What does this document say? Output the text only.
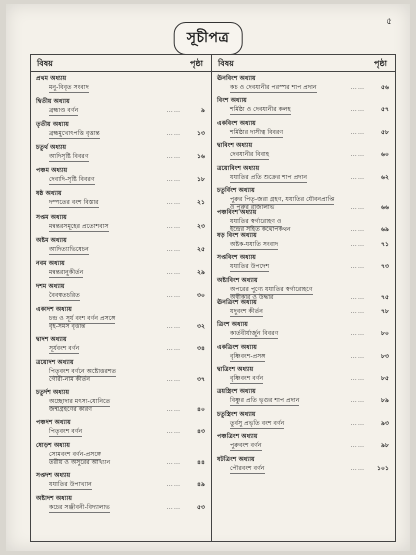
৫
সূচীপত্র
বিষয়	পৃষ্ঠা
প্রথম অধ্যায়
মনু-বিবৃত সংবাদ
দ্বিতীয় অধ্যায়
ব্রহ্মাণ্ড বর্ণন	……	৯
তৃতীয় অধ্যায়
ব্রহ্মমুখোৎপত্তি বৃত্তান্ত	……	১৩
চতুর্থ অধ্যায়
আদিসৃষ্টি বিবরণ	……	১৬
পঞ্চম অধ্যায়
দেবাদি-সৃষ্টি বিবরণ	……	১৮
ষষ্ঠ অধ্যায়
দম্পতের বংশ বিস্তার	……	২১
সপ্তম অধ্যায়
মন্বন্তরসমূহের প্রতোশবাস	……	২৩
অষ্টম অধ্যায়
আদিত্যাভিষেচন	……	২৫
নবম অধ্যায়
মন্বন্তরানুকীর্তন	……	২৯
দশম অধ্যায়
বৈবস্বতচরিত	……	৩০
একাদশ অধ্যায়
চন্দ্র ও সূর্য বংশ বর্ণন প্রসঙ্গে
বৃহ-সমস বৃত্তান্ত	……	৩২
দ্বাদশ অধ্যায়
সূর্যবংশ বর্ণন	……	৩৪
ত্রয়োদশ অধ্যায়
পিতৃবংশ বর্ণনে অষ্টোত্তরশত
গৌরী-নাম কীর্তন	……	৩৭
চতুর্দশ অধ্যায়
অচ্ছোদার মৎস্য-যোনিতে
জন্মগ্রহণের কারণ	……	৪০
পঞ্চদশ অধ্যায়
পিতৃবংশ বর্ণন	……	৪৩
ষোড়শ অধ্যায়
সোমবংশ বর্ণন-প্রসঙ্গে
তরীয় ও অসুরের আখ্যান	……	৪৪
সপ্তদশ অধ্যায়
যযাতির উপাখ্যান	……	৪৯
অষ্টাদশ অধ্যায়
কচের সঞ্জীবনী-বিদ্যালাভ	……	৫৩
বিষয়	পৃষ্ঠা
ঊনবিংশ অধ্যায়
কচ ও দেবযানীর পরস্পর শাপ প্রদান	……	৫৬
বিংশ অধ্যায়
শর্মিষ্ঠা ও দেবযানীর কলহ	……	৫৭
একবিংশ অধ্যায়
শর্মিষ্ঠার দাসীত্ব বিবরণ	……	৫৮
দ্বাবিংশ অধ্যায়
দেবযানীর বিবাহ	……	৬০
ত্রয়োবিংশ অধ্যায়
যযাতির প্রতি শুক্রের শাপ প্রদান	……	৬২
চতুর্বিংশ অধ্যায়
পুরুর পিতৃ-জরা গ্রহণ, যযাতির যৌবনপ্রাপ্তি
ও পুরুর রাজ্যলাভ	……	৬৬
পঞ্চবিংশ অধ্যায়
যযাতির স্বর্গারোহণ ও
ইন্দ্রের সহিত কথোপকথন	……	৬৯
ষড় বিংশ অধ্যায়
অষ্টক-যযাতি সংবাদ	……	৭১
সপ্তবিংশ অধ্যায়
যযাতির উপদেশ	……	৭৩
অষ্টাবিংশ অধ্যায়
অপরের পুণ্যে যযাতির স্বর্গারোহণে
অস্বীকার ও উদ্ধার	……	৭৫
ঊনত্রিংশ অধ্যায়
যদুবংশ কীর্তন	……	৭৮
ত্রিংশ অধ্যায়
কার্তবীর্যার্জুন বিবরণ	……	৮০
একত্রিংশ অধ্যায়
বৃষ্ণিবংশ-প্রসঙ্গ	……	৮৩
দ্বাত্রিংশ অধ্যায়
বৃষ্ণিবংশ বর্ণন	……	৮৫
ত্রয়স্ত্রিংশ অধ্যায়
বিষ্ণুর প্রতি ভৃগুর শাপ প্রদান	……	৮৯
চতুস্ত্রিংশ অধ্যায়
তুর্বসু প্রভৃতি বংশ বর্ণন	……	৯৩
পঞ্চত্রিংশ অধ্যায়
পুরুবংশ বর্ণন	……	৯৮
ষটত্রিংশ অধ্যায়
পৌরবংশ বর্ণন	…… ১০১
